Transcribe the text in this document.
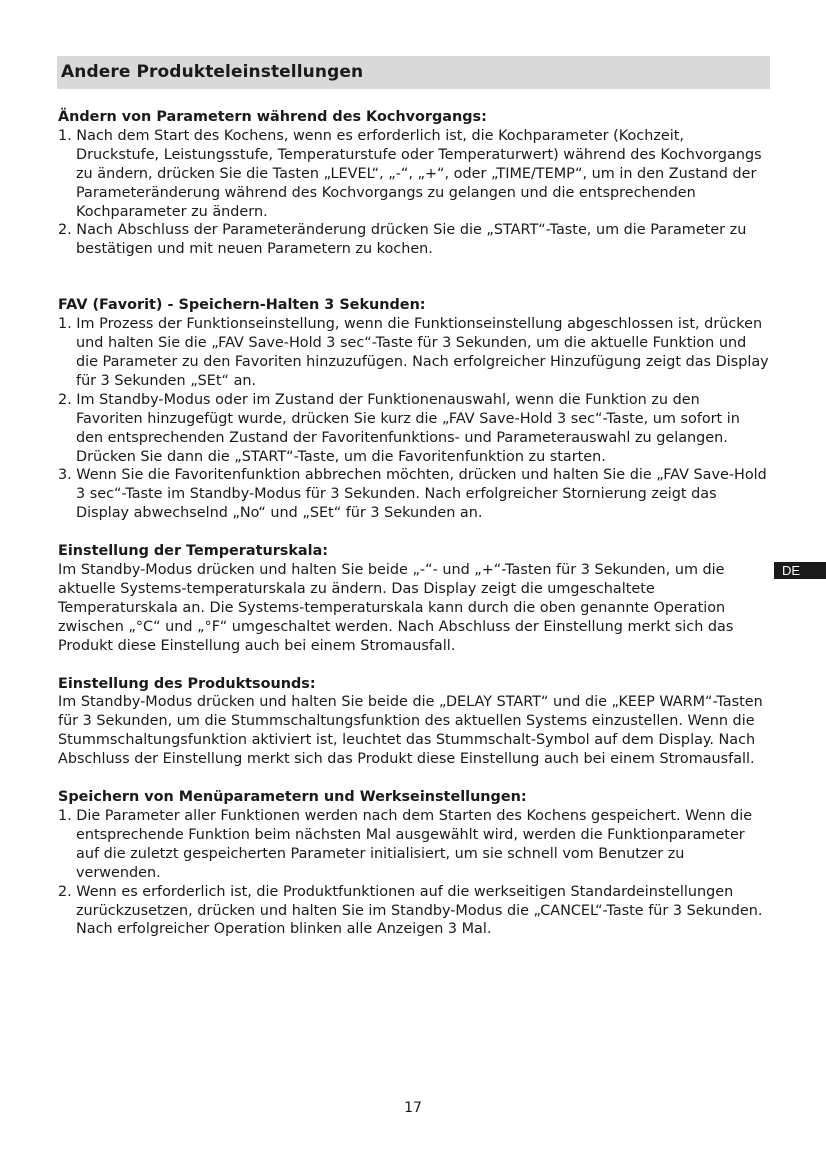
Andere Produkteleinstellungen
Ändern von Parametern während des Kochvorgangs:
1. Nach dem Start des Kochens, wenn es erforderlich ist, die Kochparameter (Kochzeit, Druckstufe, Leistungsstufe, Temperaturstufe oder Temperaturwert) während des Kochvorgangs zu ändern, drücken Sie die Tasten „LEVEL“, „-“, „+“, oder „TIME/TEMP“, um in den Zustand der Parameteränderung während des Kochvorgangs zu gelangen und die entsprechenden Kochparameter zu ändern.
2. Nach Abschluss der Parameteränderung drücken Sie die „START“-Taste, um die Parameter zu bestätigen und mit neuen Parametern zu kochen.
FAV (Favorit) - Speichern-Halten 3 Sekunden:
1. Im Prozess der Funktionseinstellung, wenn die Funktionseinstellung abgeschlossen ist, drücken und halten Sie die „FAV Save-Hold 3 sec“-Taste für 3 Sekunden, um die aktuelle Funktion und die Parameter zu den Favoriten hinzuzufügen. Nach erfolgreicher Hinzufügung zeigt das Display für 3 Sekunden „SEt“ an.
2. Im Standby-Modus oder im Zustand der Funktionenauswahl, wenn die Funktion zu den Favoriten hinzugefügt wurde, drücken Sie kurz die „FAV Save-Hold 3 sec“-Taste, um sofort in den entsprechenden Zustand der Favoritenfunktions- und Parameterauswahl zu gelangen. Drücken Sie dann die „START“-Taste, um die Favoritenfunktion zu starten.
3. Wenn Sie die Favoritenfunktion abbrechen möchten, drücken und halten Sie die „FAV Save-Hold 3 sec“-Taste im Standby-Modus für 3 Sekunden. Nach erfolgreicher Stornierung zeigt das Display abwechselnd „No“ und „SEt“ für 3 Sekunden an.
Einstellung der Temperaturskala:

Im Standby-Modus drücken und halten Sie beide „-“- und „+“-Tasten für 3 Sekunden, um die aktuelle Systems-temperaturskala zu ändern. Das Display zeigt die umgeschaltete Temperaturskala an. Die Systems-temperaturskala kann durch die oben genannte Operation zwischen „°C“ und „°F“ umgeschaltet werden. Nach Abschluss der Einstellung merkt sich das Produkt diese Einstellung auch bei einem Stromausfall.

Einstellung des Produktsounds:

Im Standby-Modus drücken und halten Sie beide die „DELAY START“ und die „KEEP WARM“-Tasten für 3 Sekunden, um die Stummschaltungsfunktion des aktuellen Systems einzustellen. Wenn die Stummschaltungsfunktion aktiviert ist, leuchtet das Stummschalt-Symbol auf dem Display. Nach Abschluss der Einstellung merkt sich das Produkt diese Einstellung auch bei einem Stromausfall.

Speichern von Menüparametern und Werkseinstellungen:
1. Die Parameter aller Funktionen werden nach dem Starten des Kochens gespeichert. Wenn die entsprechende Funktion beim nächsten Mal ausgewählt wird, werden die Funktionparameter auf die zuletzt gespeicherten Parameter initialisiert, um sie schnell vom Benutzer zu verwenden.
2. Wenn es erforderlich ist, die Produktfunktionen auf die werkseitigen Standardeinstellungen zurückzusetzen, drücken und halten Sie im Standby-Modus die „CANCEL“-Taste für 3 Sekunden. Nach erfolgreicher Operation blinken alle Anzeigen 3 Mal.
DE
17
